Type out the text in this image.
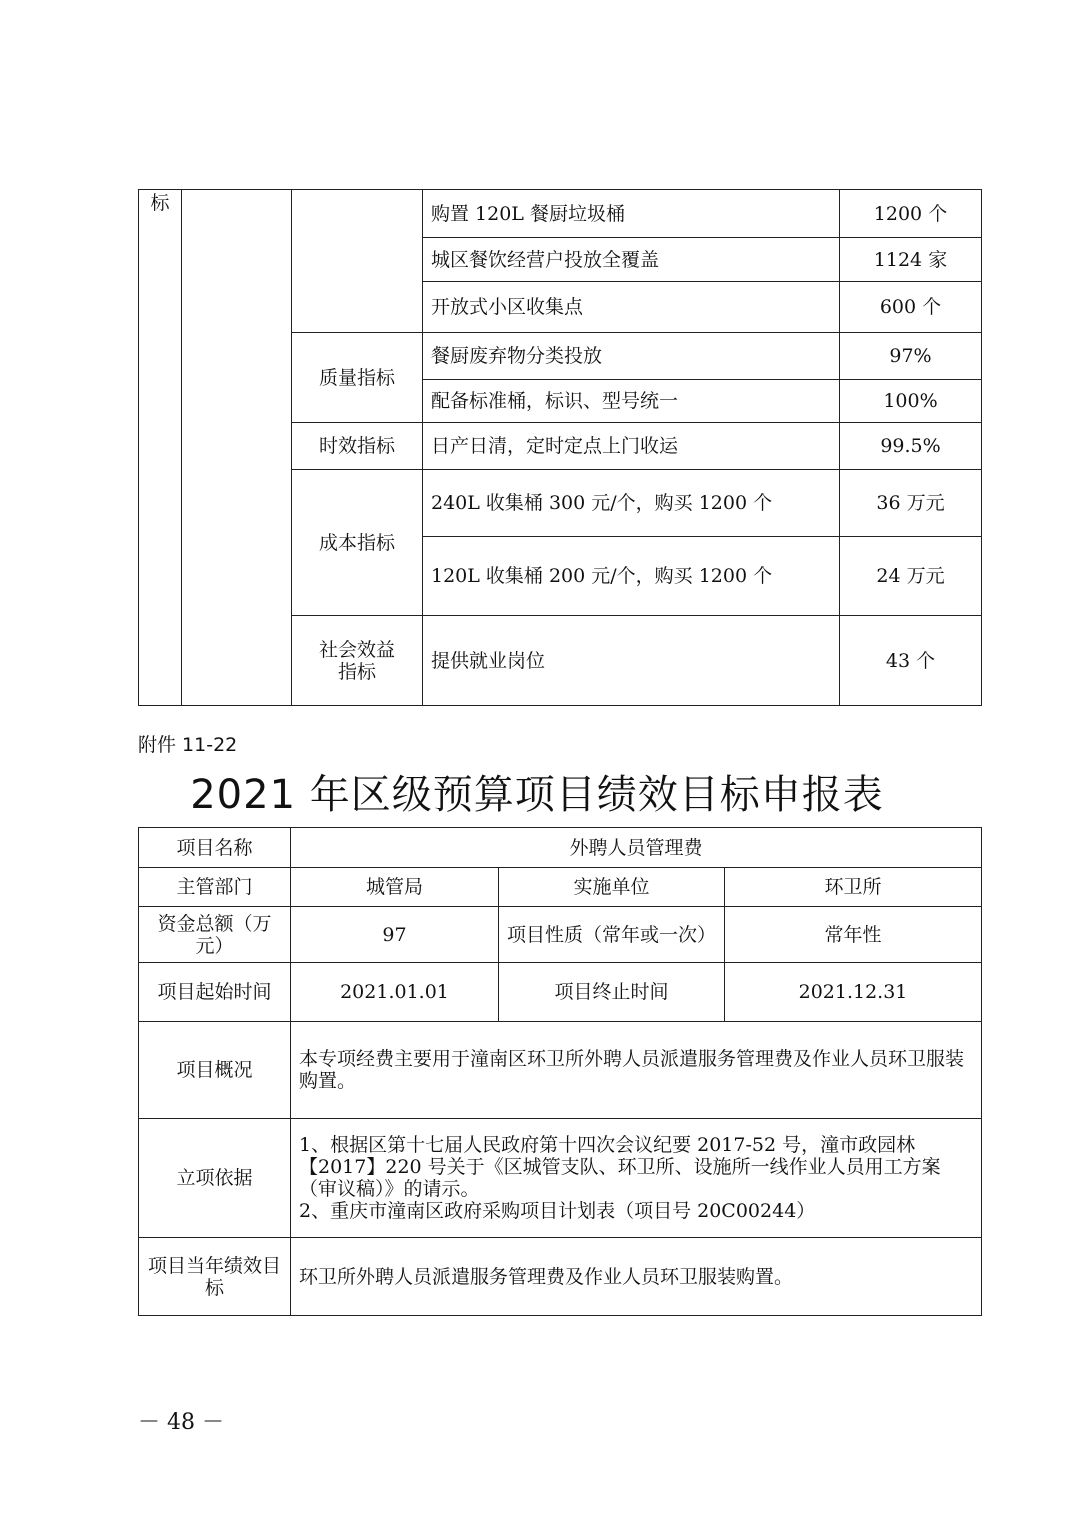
标			购置 120L 餐厨垃圾桶	1200 个
			城区餐饮经营户投放全覆盖	1124 家
			开放式小区收集点	600 个
		质量指标	餐厨废弃物分类投放	97%
			配备标准桶，标识、型号统一	100%
		时效指标	日产日清，定时定点上门收运	99.5%
		成本指标	240L 收集桶 300 元/个，购买 1200 个	36 万元
			120L 收集桶 200 元/个，购买 1200 个	24 万元
		社会效益指标	提供就业岗位	43 个
附件 11-22
2021 年区级预算项目绩效目标申报表
项目名称	外聘人员管理费		
主管部门	城管局	实施单位	环卫所
资金总额（万元）	97	项目性质（常年或一次）	常年性
项目起始时间	2021.01.01	项目终止时间	2021.12.31
项目概况	本专项经费主要用于潼南区环卫所外聘人员派遣服务管理费及作业人员环卫服装购置。		
立项依据	1、根据区第十七届人民政府第十四次会议纪要 2017-52 号，潼市政园林【2017】220 号关于《区城管支队、环卫所、设施所一线作业人员用工方案（审议稿）》的请示。
2、重庆市潼南区政府采购项目计划表（项目号 20C00244）		

项目当年绩效目标	环卫所外聘人员派遣服务管理费及作业人员环卫服装购置。		
－ 48 －
